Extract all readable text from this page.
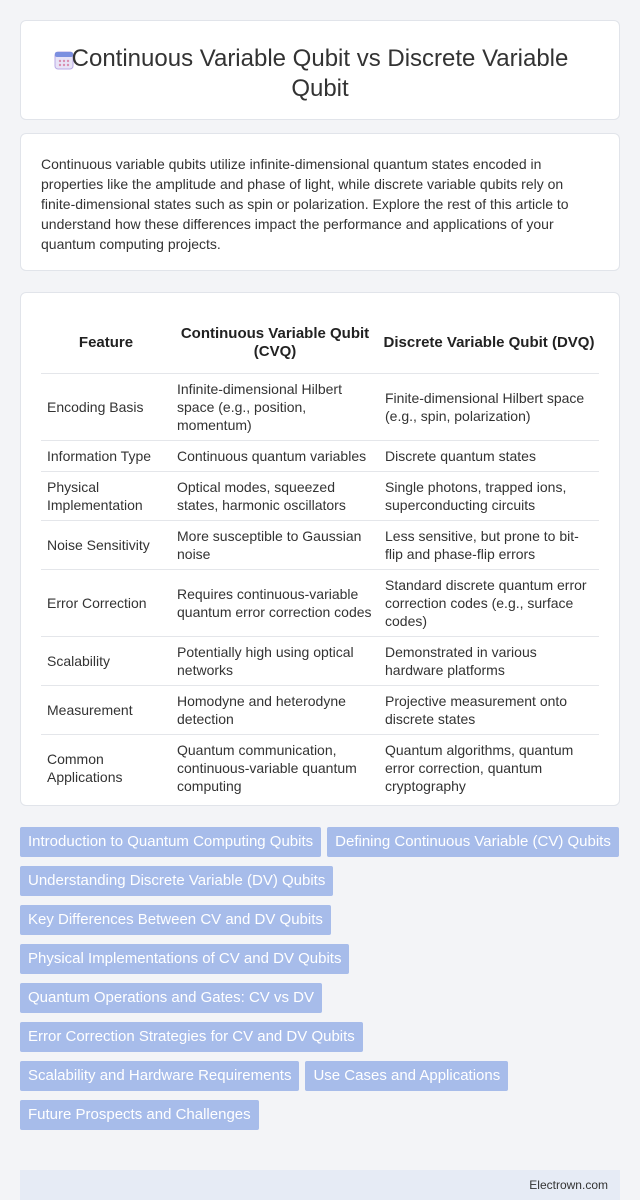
Continuous Variable Qubit vs Discrete Variable Qubit

Continuous variable qubits utilize infinite-dimensional quantum states encoded in properties like the amplitude and phase of light, while discrete variable qubits rely on finite-dimensional states such as spin or polarization. Explore the rest of this article to understand how these differences impact the performance and applications of your quantum computing projects.

Feature	Continuous Variable Qubit (CVQ)	Discrete Variable Qubit (DVQ)
Encoding Basis	Infinite-dimensional Hilbert space (e.g., position, momentum)	Finite-dimensional Hilbert space (e.g., spin, polarization)
Information Type	Continuous quantum variables	Discrete quantum states
Physical Implementation	Optical modes, squeezed states, harmonic oscillators	Single photons, trapped ions, superconducting circuits
Noise Sensitivity	More susceptible to Gaussian noise	Less sensitive, but prone to bit-flip and phase-flip errors
Error Correction	Requires continuous-variable quantum error correction codes	Standard discrete quantum error correction codes (e.g., surface codes)
Scalability	Potentially high using optical networks	Demonstrated in various hardware platforms
Measurement	Homodyne and heterodyne detection	Projective measurement onto discrete states
Common Applications	Quantum communication, continuous-variable quantum computing	Quantum algorithms, quantum error correction, quantum cryptography
Introduction to Quantum Computing Qubits	Defining Continuous Variable (CV) Qubits
Understanding Discrete Variable (DV) Qubits
Key Differences Between CV and DV Qubits
Physical Implementations of CV and DV Qubits
Quantum Operations and Gates: CV vs DV
Error Correction Strategies for CV and DV Qubits
Scalability and Hardware Requirements	Use Cases and Applications
Future Prospects and Challenges
Electrown.com
